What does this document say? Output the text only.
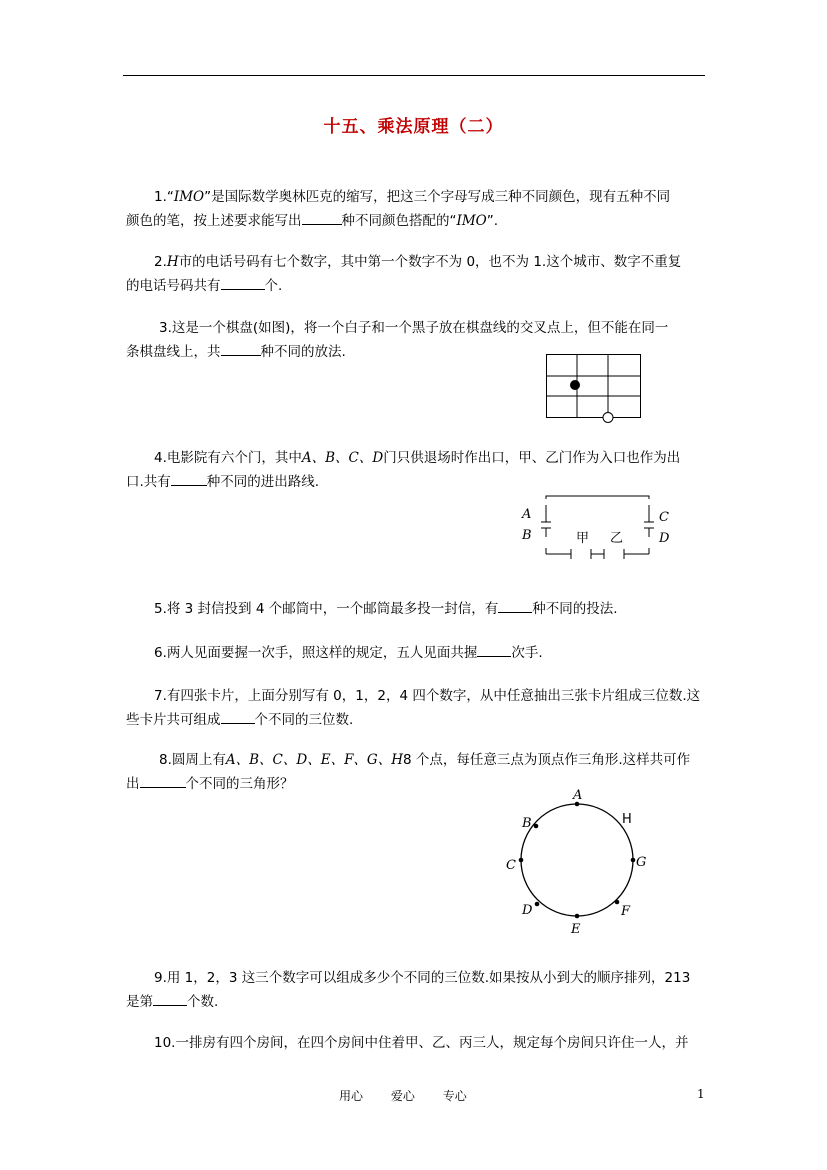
十五、乘法原理（二）

1.“IMO”是国际数学奥林匹克的缩写，把这三个字母写成三种不同颜色，现有五种不同

颜色的笔，按上述要求能写出	种不同颜色搭配的“IMO”.

2.H市的电话号码有七个数字，其中第一个数字不为 0，也不为 1.这个城市、数字不重复

的电话号码共有	个.

3.这是一个棋盘(如图)，将一个白子和一个黑子放在棋盘线的交叉点上，但不能在同一

条棋盘线上，共	种不同的放法.

4.电影院有六个门，其中A、B、C、D门只供退场时作出口，甲、乙门作为入口也作为出

口.共有	种不同的进出路线.

A
B
C
D
甲 乙

5.将 3 封信投到 4 个邮筒中，一个邮筒最多投一封信，有	种不同的投法.

6.两人见面要握一次手，照这样的规定，五人见面共握	次手.

7.有四张卡片，上面分别写有 0，1，2，4 四个数字，从中任意抽出三张卡片组成三位数.这

些卡片共可组成	个不同的三位数.

8.圆周上有A、B、C、D、E、F、G、H8 个点，每任意三点为顶点作三角形.这样共可作

出	个不同的三角形？

A
B
C
D
E
F
G
H

9.用 1，2，3 这三个数字可以组成多少个不同的三位数.如果按从小到大的顺序排列，213

是第	个数.

10.一排房有四个房间，在四个房间中住着甲、乙、丙三人，规定每个房间只许住一人，并

用心 爱心 专心	1
